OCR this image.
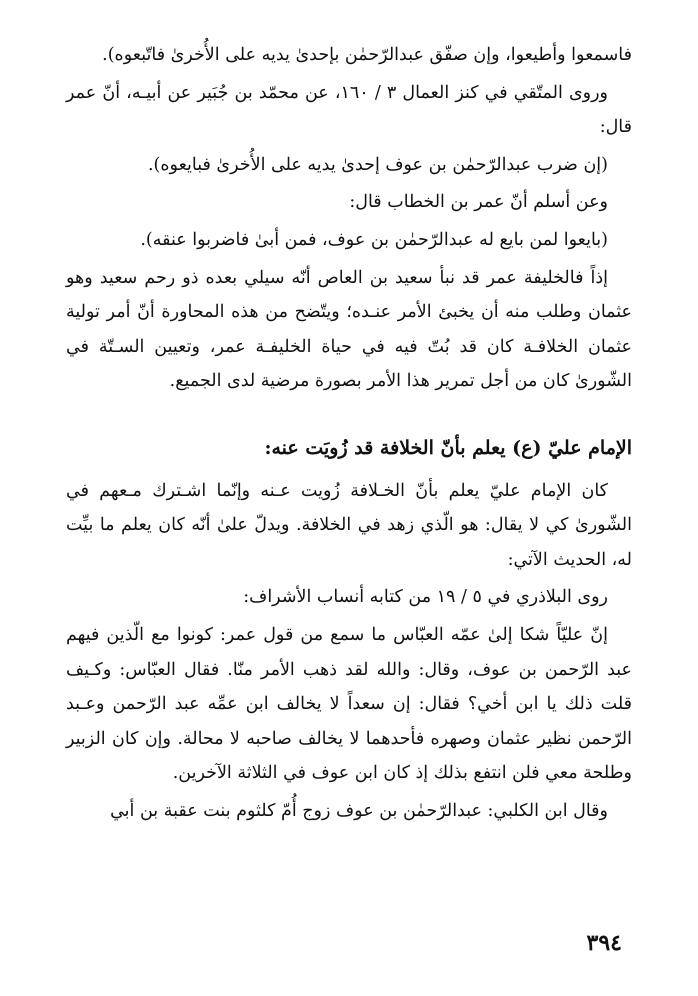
فاسمعوا وأطيعوا، وإن صفّق عبدالرّحمٰن بإحدىٰ يديه على الأُخرىٰ فاتّبعوه).

وروى المتّقي في كنز العمال ٣ / ١٦٠، عن محمّد بن جُبَير عن أبيـه، أنّ عمر قال:

(إن ضرب عبدالرّحمٰن بن عوف إحدىٰ يديه على الأُخرىٰ فبايعوه).

وعن أسلم أنّ عمر بن الخطاب قال:

(بايعوا لمن بايع له عبدالرّحمٰن بن عوف، فمن أبىٰ فاضربوا عنقه).

إذاً فالخليفة عمر قد نبأ سعيد بن العاص أنّه سيلي بعده ذو رحم سعيد وهو عثمان وطلب منه أن يخبئ الأمر عنـده؛ ويتّضح من هذه المحاورة أنّ أمر تولية عثمان الخلافـة كان قد بُتّ فيه في حياة الخليفـة عمر، وتعيين السـتّة في الشّورىٰ كان من أجل تمرير هذا الأمر بصورة مرضية لدى الجميع.

الإمام عليّ (ع) يعلم بأنّ الخلافة قد زُويَت عنه:

كان الإمام عليّ يعلم بأنّ الخـلافة زُويت عـنه وإنّما اشـترك مـعهم في الشّورىٰ كي لا يقال: هو الّذي زهد في الخلافة. ويدلّ علىٰ أنّه كان يعلم ما بيِّت له، الحديث الآتي:

روى البلاذري في ٥ / ١٩ من كتابه أنساب الأشراف:

إنّ عليّاً شكا إلىٰ عمّه العبّاس ما سمع من قول عمر: كونوا مع الّذين فيهم عبد الرّحمن بن عوف، وقال: والله لقد ذهب الأمر منّا. فقال العبّاس: وكـيف قلت ذلك يا ابن أخي؟ فقال: إن سعداً لا يخالف ابن عمِّه عبد الرّحمن وعـبد الرّحمن نظير عثمان وصهره فأحدهما لا يخالف صاحبه لا محالة. وإن كان الزبير وطلحة معي فلن انتفع بذلك إذ كان ابن عوف في الثلاثة الآخرين.

وقال ابن الكلبي: عبدالرّحمٰن بن عوف زوج أُمّ كلثوم بنت عقبة بن أبي

٣٩٤
